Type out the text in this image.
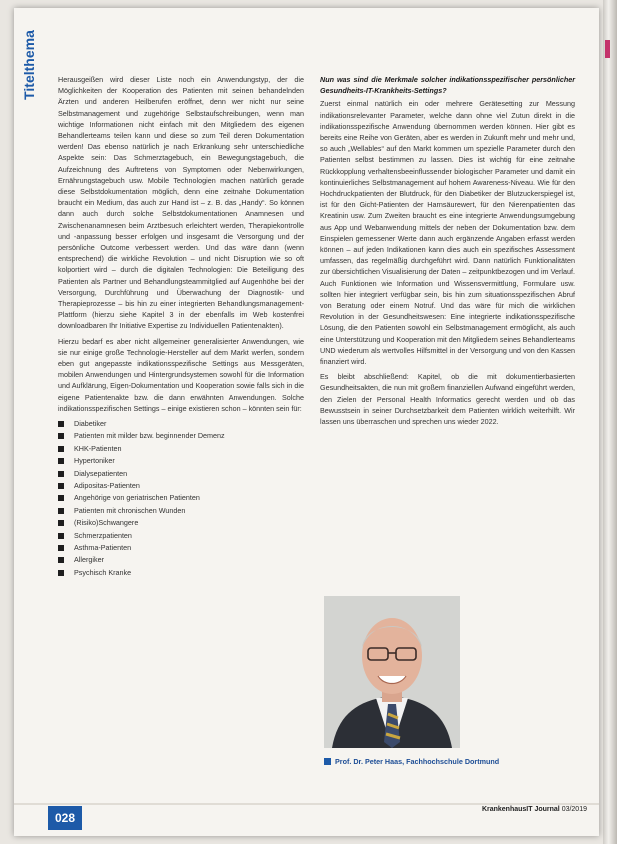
Titelthema	Herausgeißen wird dieser Liste noch ein Anwendungstyp, der die Möglichkeiten der Kooperation des Patienten mit seinen behandelnden Ärzten und anderen Heilberufen eröffnet, denn wer nicht nur seine Selbstmanagement und zugehörige Selbstaufschreibungen, wenn man wichtige Informationen nicht einfach mit den Mitgliedern des eigenen Behandlerteams teilen kann und diese so zum Teil deren Dokumentation werden! Das ebenso natürlich je nach Erkrankung sehr unterschiedliche Aspekte sein: Das Schmerztagebuch, ein Bewegungstagebuch, die Aufzeichnung des Auftretens von Symptomen oder Nebenwirkungen, Ernährungstagebuch usw. Mobile Technologien machen natürlich gerade diese Selbstdokumentation möglich, denn eine zeitnahe Dokumentation braucht ein Medium, das auch zur Hand ist – z. B. das „Handy“. So können dann auch durch solche Selbstdokumentationen Anamnesen und Zwischenanamnesen beim Arztbesuch erleichtert werden, Therapiekontrolle und -anpassung besser erfolgen und insgesamt die Versorgung und der persönliche Outcome verbessert werden. Und das wäre dann (wenn entsprechend) die wirkliche Revolution – und nicht Disruption wie so oft kolportiert wird – durch die digitalen Technologien: Die Beteiligung des Patienten als Partner und Behandlungsteammitglied auf Augenhöhe bei der Versorgung, Durchführung und Überwachung der Diagnostik- und Therapieprozesse – bis hin zu einer integrierten Behandlungsmanagement-Plattform (hierzu siehe Kapitel 3 in der ebenfalls im Web kostenfrei downloadbaren Ihr Initiative Expertise zu Individuellen Patientenakten).

Hierzu bedarf es aber nicht allgemeiner generalisierter Anwendungen, wie sie nur einige große Technologie-Hersteller auf dem Markt werfen, sondern eben gut angepasste indikationsspezifische Settings aus Messgeräten, mobilen Anwendungen und Hintergrundsystemen sowohl für die Information und Aufklärung, Eigen-Dokumentation und Kooperation sowie falls sich in die eigene Patientenakte bzw. die dann erwähnten Anwendungen. Solche indikationsspezifischen Settings – einige existieren schon – könnten sein für:

Diabetiker
Patienten mit milder bzw. beginnender Demenz
KHK-Patienten
Hypertoniker
Dialysepatienten
Adipositas-Patienten
Angehörige von geriatrischen Patienten
Patienten mit chronischen Wunden
(Risiko)Schwangere
Schmerzpatienten
Asthma-Patienten
Allergiker
Psychisch Kranke
Nun was sind die Merkmale solcher indikationsspezifischer persönlicher Gesundheits-IT-Krankheits-Settings?

Zuerst einmal natürlich ein oder mehrere Gerätesetting zur Messung indikationsrelevanter Parameter, welche dann ohne viel Zutun direkt in die indikationsspezifische Anwendung übernommen werden können. Hier gibt es bereits eine Reihe von Geräten, aber es werden in Zukunft mehr und mehr und, so auch „Wellables“ auf den Markt kommen um spezielle Parameter durch den Patienten selbst bestimmen zu lassen. Dies ist wichtig für eine zeitnahe Rückkopplung verhaltensbeeinflussender biologischer Parameter und damit ein kontinuierliches Selbstmanagement auf hohem Awareness-Niveau. Wie für den Hochdruckpatienten der Blutdruck, für den Diabetiker der Blutzuckerspiegel ist, ist für den Gicht-Patienten der Harnsäurewert, für den Nierenpatienten das Kreatinin usw. Zum Zweiten braucht es eine integrierte Anwendungsumgebung aus App und Webanwendung mittels der neben der Dokumentation bzw. dem Einspielen gemessener Werte dann auch ergänzende Angaben erfasst werden können – auf jeden Indikationen kann dies auch ein spezifisches Assessment umfassen, das regelmäßig durchgeführt wird. Dann natürlich Funktionalitäten zur übersichtlichen Visualisierung der Daten – zeitpunktbezogen und im Verlauf. Auch Funktionen wie Information und Wissensvermittlung, Formulare usw. sollten hier integriert verfügbar sein, bis hin zum situationsspezifischen Abruf von Beratung oder einem Notruf. Und das wäre für mich die wirklichen Revolution in der Gesundheitswesen: Eine integrierte indikationsspezifische Lösung, die den Patienten sowohl ein Selbstmanagement ermöglicht, als auch eine Unterstützung und Kooperation mit den Mitgliedern seines Behandlerteams UND wiederum als wertvolles Hilfsmittel in der Versorgung und von den Kassen finanziert wird.

Es bleibt abschließend: Kapitel, ob die mit dokumentierbasierten Gesundheitsakten, die nun mit großem finanziellen Aufwand eingeführt werden, den Zielen der Personal Health Informatics gerecht werden und ob das Bewusstsein in seiner Durchsetzbarkeit dem Patienten wirklich weiterhilft. Wir lassen uns überraschen und sprechen uns wieder 2022.

Prof. Dr. Peter Haas, Fachhochschule Dortmund
028
KrankenhausIT Journal 03/2019
